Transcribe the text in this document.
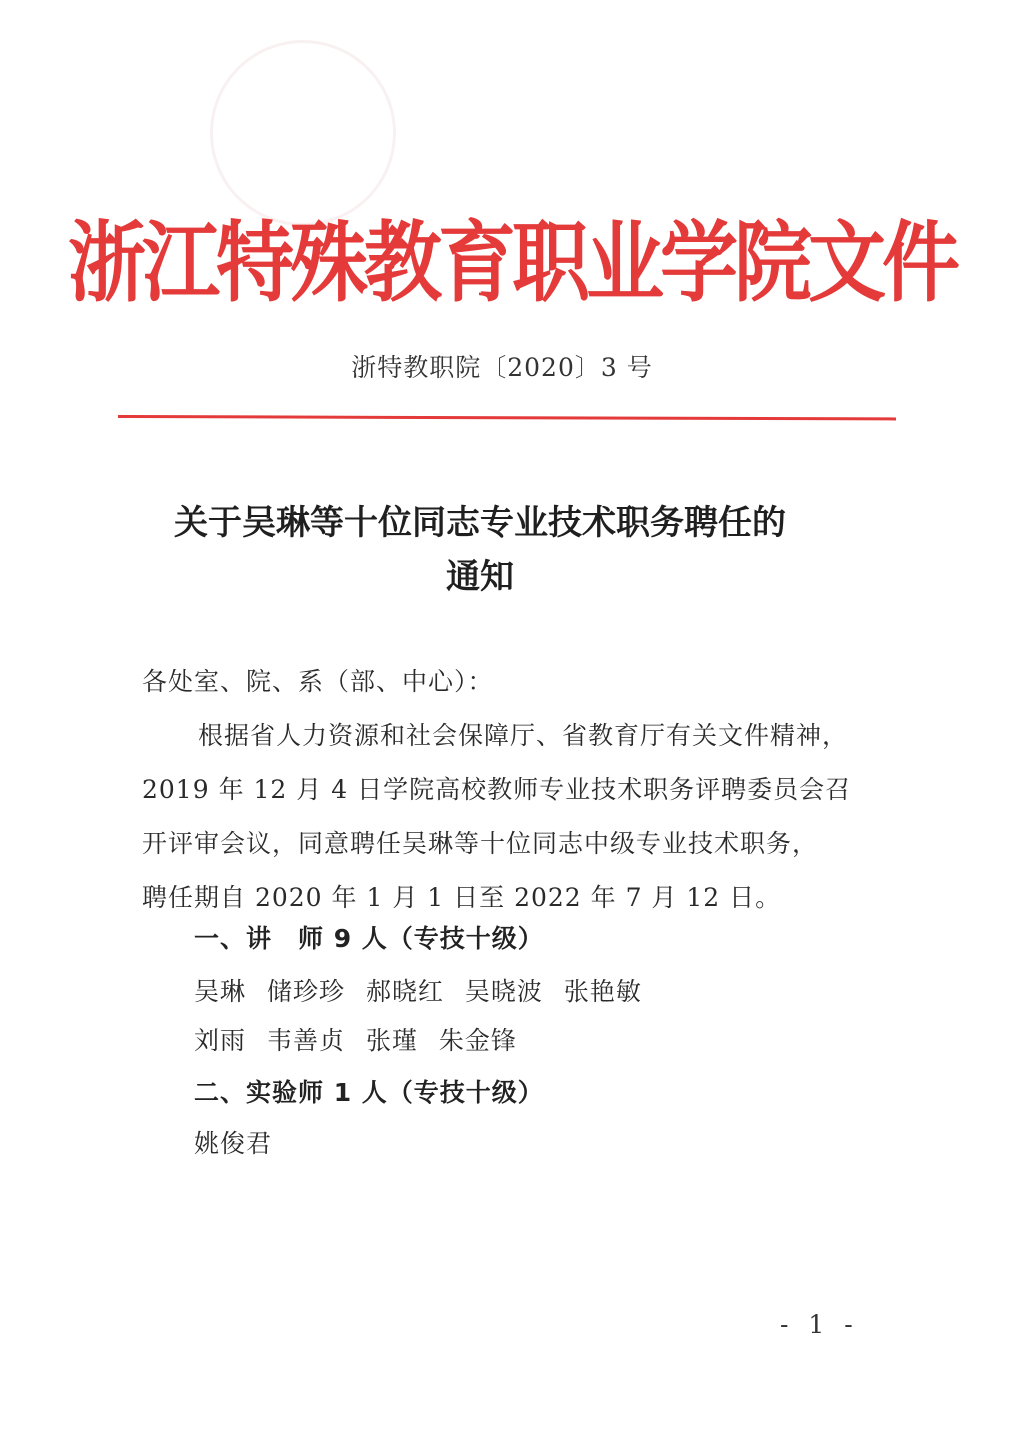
浙江特殊教育职业学院文件
浙特教职院〔2020〕3 号
关于吴琳等十位同志专业技术职务聘任的
通知
各处室、院、系（部、中心）：
根据省人力资源和社会保障厅、省教育厅有关文件精神，
2019 年 12 月 4 日学院高校教师专业技术职务评聘委员会召
开评审会议，同意聘任吴琳等十位同志中级专业技术职务，
聘任期自 2020 年 1 月 1 日至 2022 年 7 月 12 日。
一、讲　师 9 人（专技十级）
吴琳 储珍珍 郝晓红 吴晓波 张艳敏
刘雨 韦善贞 张瑾 朱金锋
二、实验师 1 人（专技十级）
姚俊君
- 1 -
